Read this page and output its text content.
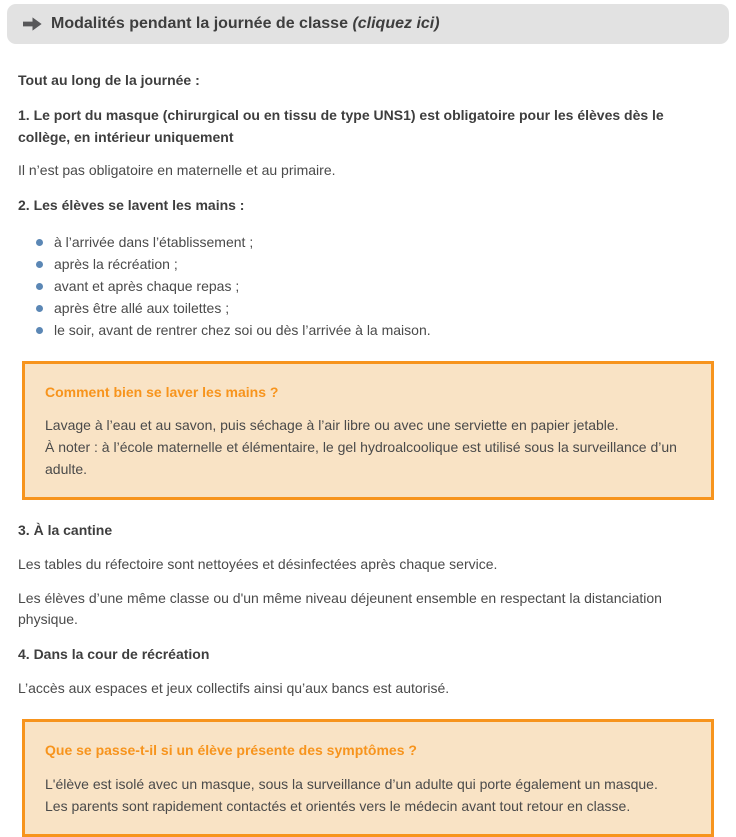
Modalités pendant la journée de classe (cliquez ici)
Tout au long de la journée :
1. Le port du masque (chirurgical ou en tissu de type UNS1) est obligatoire pour les élèves dès le collège, en intérieur uniquement
Il n’est pas obligatoire en maternelle et au primaire.
2. Les élèves se lavent les mains :
à l’arrivée dans l’établissement ;
après la récréation ;
avant et après chaque repas ;
après être allé aux toilettes ;
le soir, avant de rentrer chez soi ou dès l’arrivée à la maison.
Comment bien se laver les mains ?
Lavage à l’eau et au savon, puis séchage à l’air libre ou avec une serviette en papier jetable.
À noter : à l’école maternelle et élémentaire, le gel hydroalcoolique est utilisé sous la surveillance d’un adulte.
3. À la cantine
Les tables du réfectoire sont nettoyées et désinfectées après chaque service.
Les élèves d’une même classe ou d'un même niveau déjeunent ensemble en respectant la distanciation physique.
4. Dans la cour de récréation
L’accès aux espaces et jeux collectifs ainsi qu’aux bancs est autorisé.
Que se passe-t-il si un élève présente des symptômes ?
L'élève est isolé avec un masque, sous la surveillance d’un adulte qui porte également un masque.
Les parents sont rapidement contactés et orientés vers le médecin avant tout retour en classe.
